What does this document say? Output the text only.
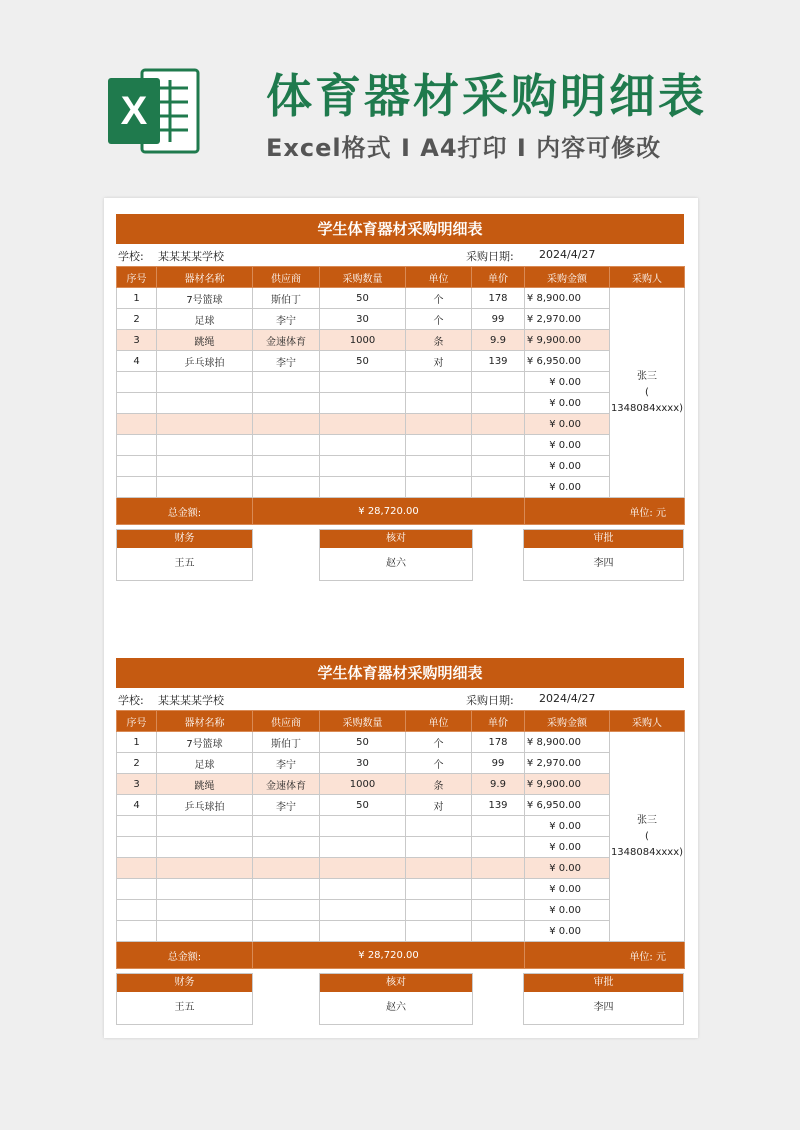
X	体育器材采购明细表
Excel格式 I A4打印 I 内容可修改
学生体育器材采购明细表
学校: 某某某某学校	采购日期: 2024/4/27
序号	器材名称	供应商	采购数量	单位	单价	采购金额	采购人
1	7号篮球	斯伯丁	50	个	178	¥ 8,900.00	张三
(
1348084xxxx)
2	足球	李宁	30	个	99	¥ 2,970.00	
3	跳绳	金速体育	1000	条	9.9	¥ 9,900.00	
4	乒乓球拍	李宁	50	对	139	¥ 6,950.00	
						¥ 0.00	
						¥ 0.00	
						¥ 0.00	
						¥ 0.00	
						¥ 0.00	
						¥ 0.00	
总金额:		¥ 28,720.00				单位: 元	
财务
王五
核对
赵六
审批
李四
学生体育器材采购明细表
学校: 某某某某学校	采购日期: 2024/4/27
序号	器材名称	供应商	采购数量	单位	单价	采购金额	采购人
1	7号篮球	斯伯丁	50	个	178	¥ 8,900.00	张三
(
1348084xxxx)
2	足球	李宁	30	个	99	¥ 2,970.00	
3	跳绳	金速体育	1000	条	9.9	¥ 9,900.00	
4	乒乓球拍	李宁	50	对	139	¥ 6,950.00	
						¥ 0.00	
						¥ 0.00	
						¥ 0.00	
						¥ 0.00	
						¥ 0.00	
						¥ 0.00	
总金额:		¥ 28,720.00				单位: 元	
财务
王五
核对
赵六
审批
李四
